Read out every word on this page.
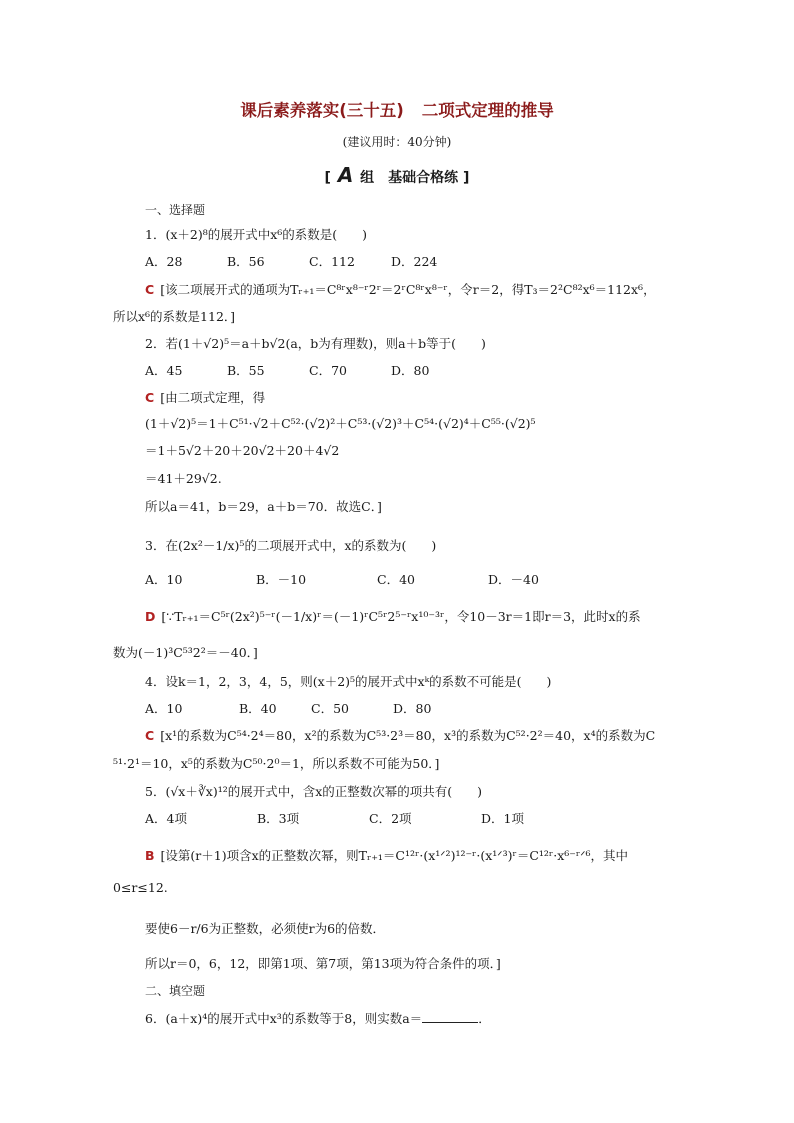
课后素养落实(三十五) 二项式定理的推导
(建议用时：40分钟)
[ A 组　基础合格练 ]
一、选择题
1．(x＋2)⁸的展开式中x⁶的系数是(　　)
A．28	B．56	C．112	D．224
C [该二项展开式的通项为Tᵣ₊₁＝C⁸ʳx⁸⁻ʳ2ʳ＝2ʳC⁸ʳx⁸⁻ʳ，令r＝2，得T₃＝2²C⁸²x⁶＝112x⁶，
所以x⁶的系数是112．]
2．若(1＋√2)⁵＝a＋b√2(a，b为有理数)，则a＋b等于(　　)
A．45	B．55	C．70	D．80
C [由二项式定理，得
(1＋√2)⁵＝1＋C⁵¹·√2＋C⁵²·(√2)²＋C⁵³·(√2)³＋C⁵⁴·(√2)⁴＋C⁵⁵·(√2)⁵
＝1＋5√2＋20＋20√2＋20＋4√2
＝41＋29√2.
所以a＝41，b＝29，a＋b＝70．故选C．]
3．在(2x²－1/x)⁵的二项展开式中，x的系数为(　　)
A．10	B．－10	C．40	D．－40
D [∵Tᵣ₊₁＝C⁵ʳ(2x²)⁵⁻ʳ(－1/x)ʳ＝(－1)ʳC⁵ʳ2⁵⁻ʳx¹⁰⁻³ʳ，令10－3r＝1即r＝3，此时x的系
数为(－1)³C⁵³2²＝－40．]
4．设k＝1，2，3，4，5，则(x＋2)⁵的展开式中xᵏ的系数不可能是(　　)
A．10	B．40	C．50	D．80
C [x¹的系数为C⁵⁴·2⁴＝80，x²的系数为C⁵³·2³＝80，x³的系数为C⁵²·2²＝40，x⁴的系数为C
⁵¹·2¹＝10，x⁵的系数为C⁵⁰·2⁰＝1，所以系数不可能为50．]
5．(√x＋∛x)¹²的展开式中，含x的正整数次幂的项共有(　　)
A．4项	B．3项	C．2项	D．1项
B [设第(r＋1)项含x的正整数次幂，则Tᵣ₊₁＝C¹²ʳ·(x¹ᐟ²)¹²⁻ʳ·(x¹ᐟ³)ʳ＝C¹²ʳ·x⁶⁻ʳᐟ⁶，其中
0≤r≤12.
要使6－r/6为正整数，必须使r为6的倍数．
所以r＝0，6，12，即第1项、第7项，第13项为符合条件的项．]
二、填空题
6．(a＋x)⁴的展开式中x³的系数等于8，则实数a＝	．
